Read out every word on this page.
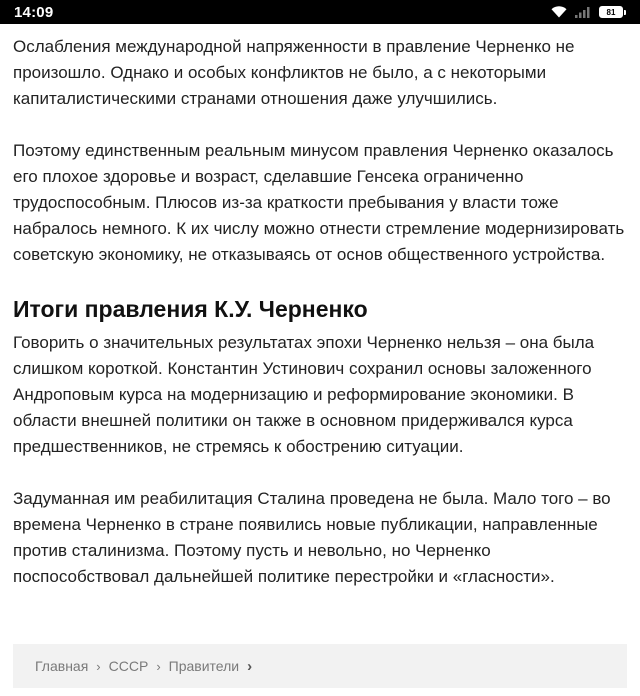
14:09	81

Ослабления международной напряженности в правление Черненко не произошло. Однако и особых конфликтов не было, а с некоторыми капиталистическими странами отношения даже улучшились.

Поэтому единственным реальным минусом правления Черненко оказалось его плохое здоровье и возраст, сделавшие Генсека ограниченно трудоспособным. Плюсов из-за краткости пребывания у власти тоже набралось немного. К их числу можно отнести стремление модернизировать советскую экономику, не отказываясь от основ общественного устройства.

Итоги правления К.У. Черненко

Говорить о значительных результатах эпохи Черненко нельзя – она была слишком короткой. Константин Устинович сохранил основы заложенного Андроповым курса на модернизацию и реформирование экономики. В области внешней политики он также в основном придерживался курса предшественников, не стремясь к обострению ситуации.

Задуманная им реабилитация Сталина проведена не была. Мало того – во времена Черненко в стране появились новые публикации, направленные против сталинизма. Поэтому пусть и невольно, но Черненко поспособствовал дальнейшей политике перестройки и «гласности».

Главная › СССР › Правители ›
